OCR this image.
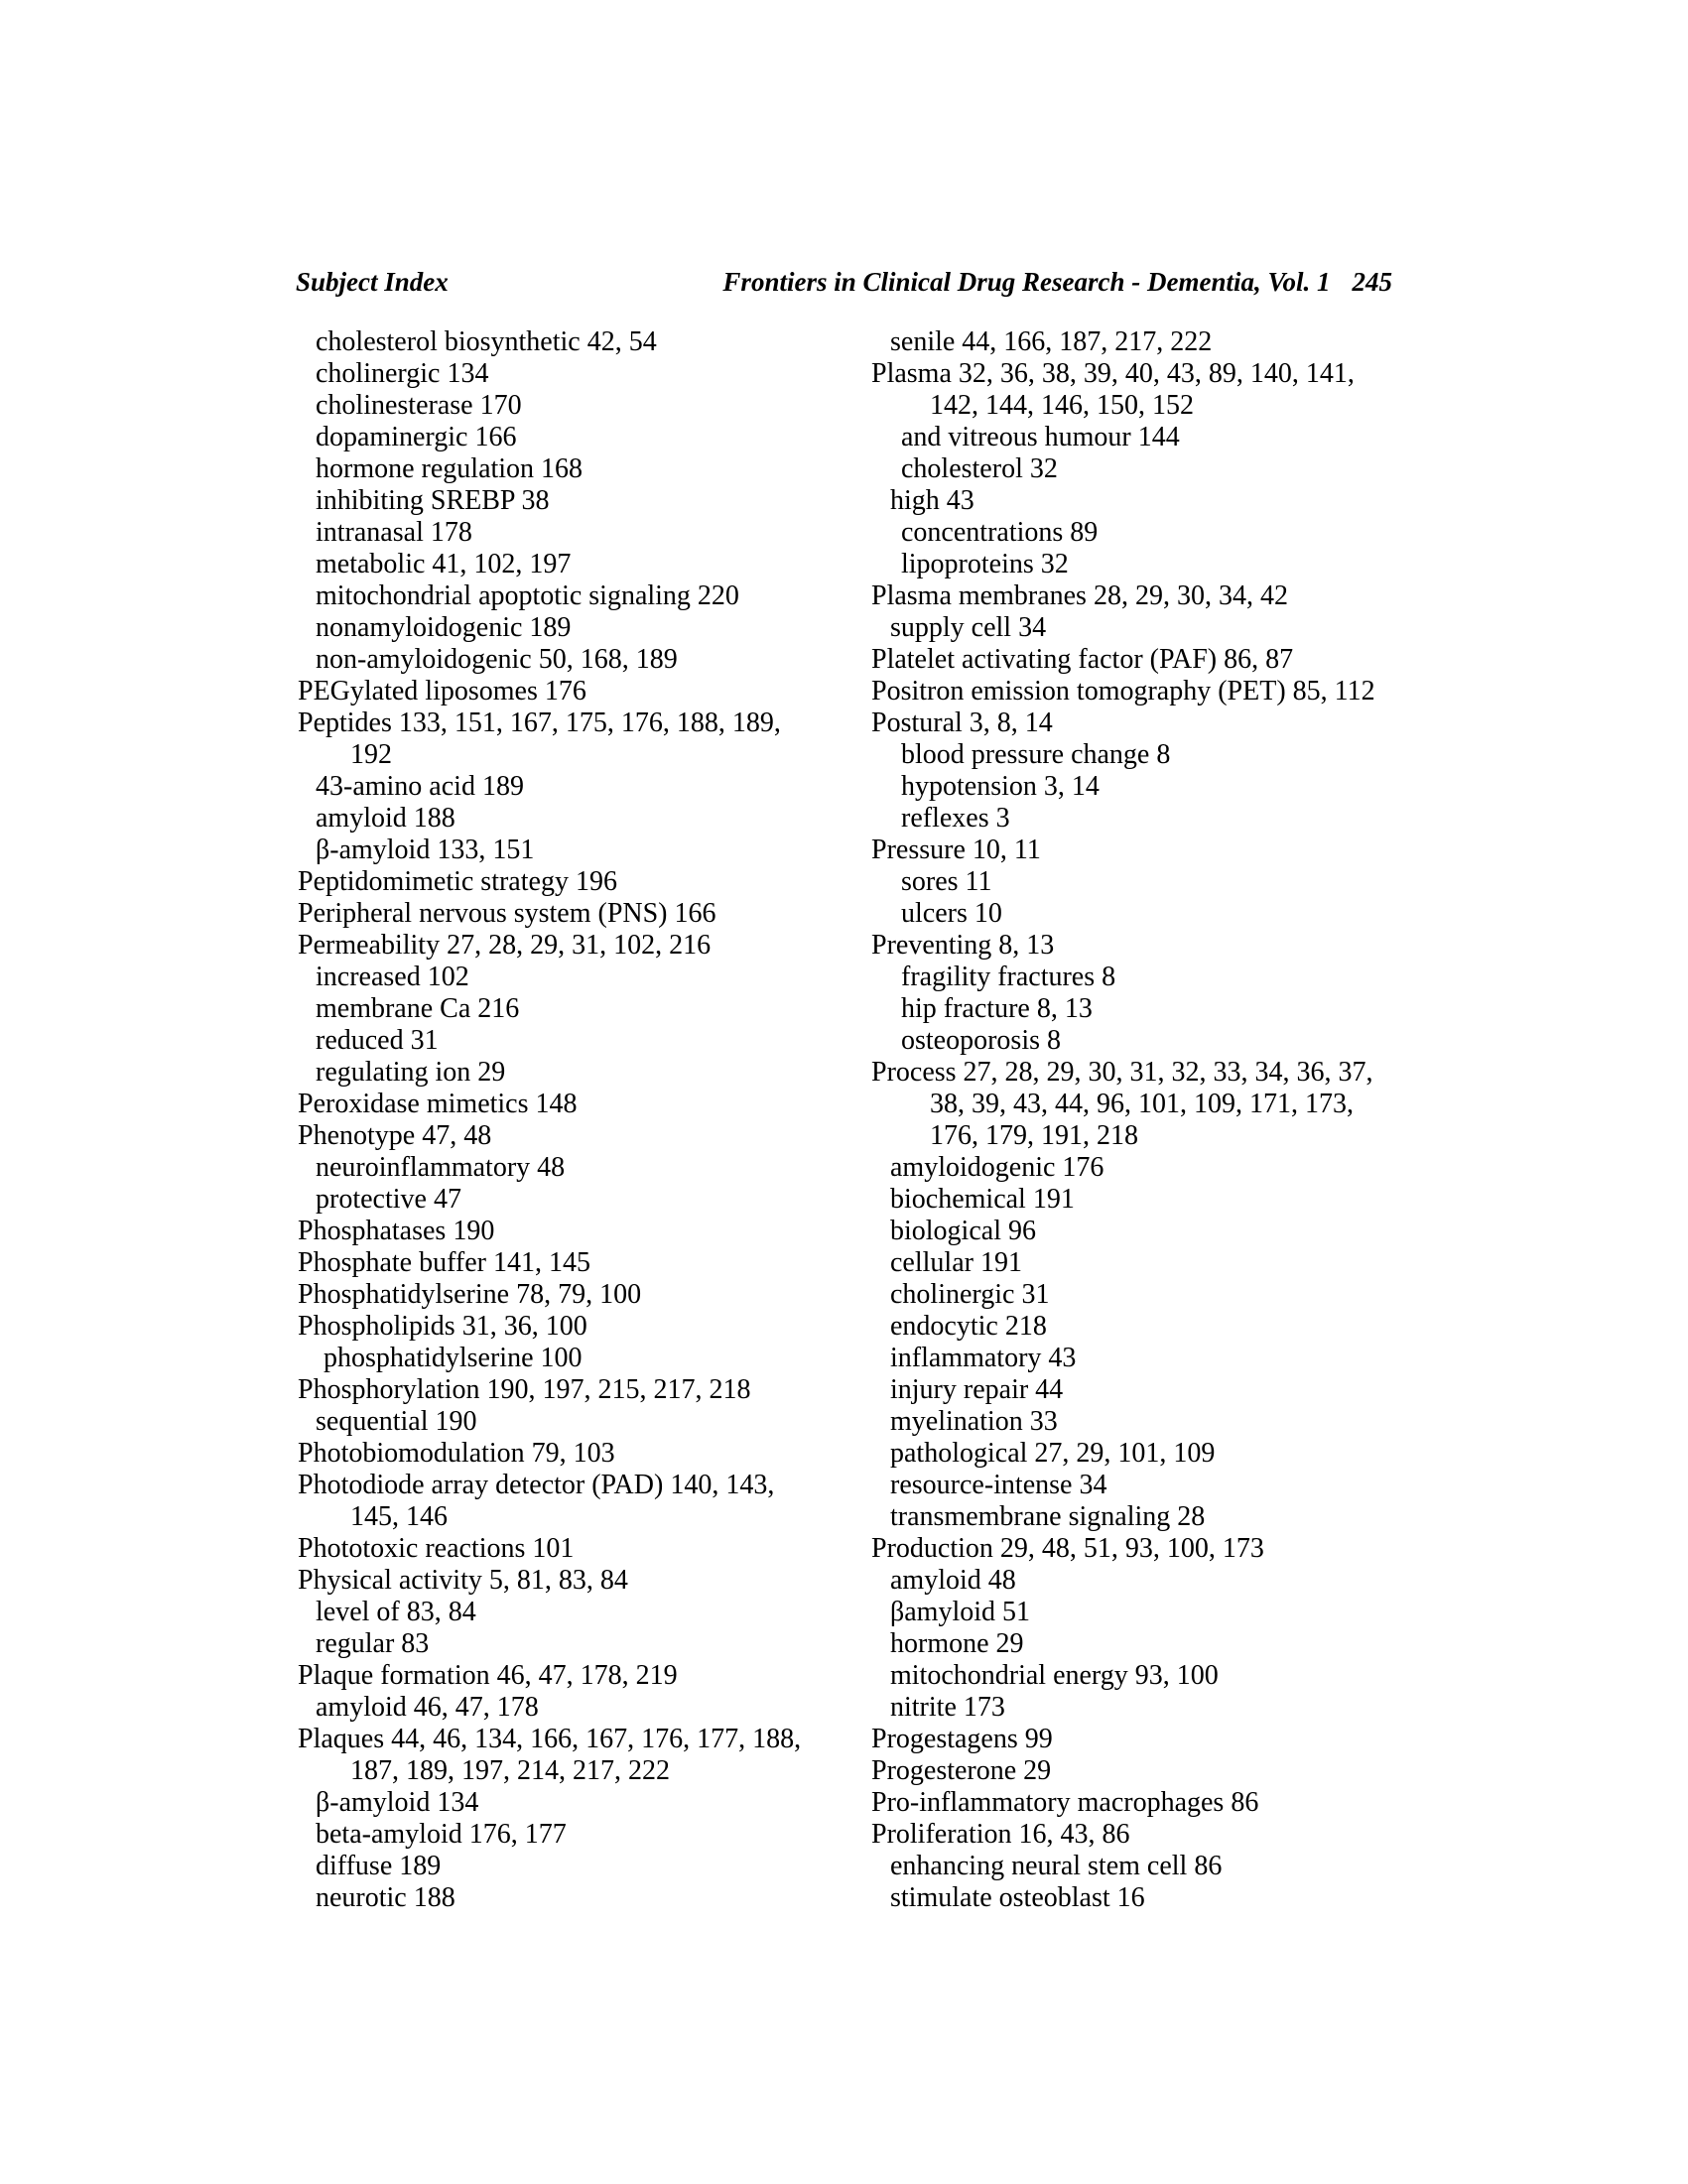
Subject Index	Frontiers in Clinical Drug Research - Dementia, Vol. 1 245
cholesterol biosynthetic 42, 54
cholinergic 134
cholinesterase 170
dopaminergic 166
hormone regulation 168
inhibiting SREBP 38
intranasal 178
metabolic 41, 102, 197
mitochondrial apoptotic signaling 220
nonamyloidogenic 189
non-amyloidogenic 50, 168, 189
PEGylated liposomes 176
Peptides 133, 151, 167, 175, 176, 188, 189,
192
43-amino acid 189
amyloid 188
β-amyloid 133, 151
Peptidomimetic strategy 196
Peripheral nervous system (PNS) 166
Permeability 27, 28, 29, 31, 102, 216
increased 102
membrane Ca 216
reduced 31
regulating ion 29
Peroxidase mimetics 148
Phenotype 47, 48
neuroinflammatory 48
protective 47
Phosphatases 190
Phosphate buffer 141, 145
Phosphatidylserine 78, 79, 100
Phospholipids 31, 36, 100
phosphatidylserine 100
Phosphorylation 190, 197, 215, 217, 218
sequential 190
Photobiomodulation 79, 103
Photodiode array detector (PAD) 140, 143,
145, 146
Phototoxic reactions 101
Physical activity 5, 81, 83, 84
level of 83, 84
regular 83
Plaque formation 46, 47, 178, 219
amyloid 46, 47, 178
Plaques 44, 46, 134, 166, 167, 176, 177, 188,
187, 189, 197, 214, 217, 222
β-amyloid 134
beta-amyloid 176, 177
diffuse 189
neurotic 188
senile 44, 166, 187, 217, 222
Plasma 32, 36, 38, 39, 40, 43, 89, 140, 141,
142, 144, 146, 150, 152
and vitreous humour 144
cholesterol 32
high 43
concentrations 89
lipoproteins 32
Plasma membranes 28, 29, 30, 34, 42
supply cell 34
Platelet activating factor (PAF) 86, 87
Positron emission tomography (PET) 85, 112
Postural 3, 8, 14
blood pressure change 8
hypotension 3, 14
reflexes 3
Pressure 10, 11
sores 11
ulcers 10
Preventing 8, 13
fragility fractures 8
hip fracture 8, 13
osteoporosis 8
Process 27, 28, 29, 30, 31, 32, 33, 34, 36, 37,
38, 39, 43, 44, 96, 101, 109, 171, 173,
176, 179, 191, 218
amyloidogenic 176
biochemical 191
biological 96
cellular 191
cholinergic 31
endocytic 218
inflammatory 43
injury repair 44
myelination 33
pathological 27, 29, 101, 109
resource-intense 34
transmembrane signaling 28
Production 29, 48, 51, 93, 100, 173
amyloid 48
βamyloid 51
hormone 29
mitochondrial energy 93, 100
nitrite 173
Progestagens 99
Progesterone 29
Pro-inflammatory macrophages 86
Proliferation 16, 43, 86
enhancing neural stem cell 86
stimulate osteoblast 16
